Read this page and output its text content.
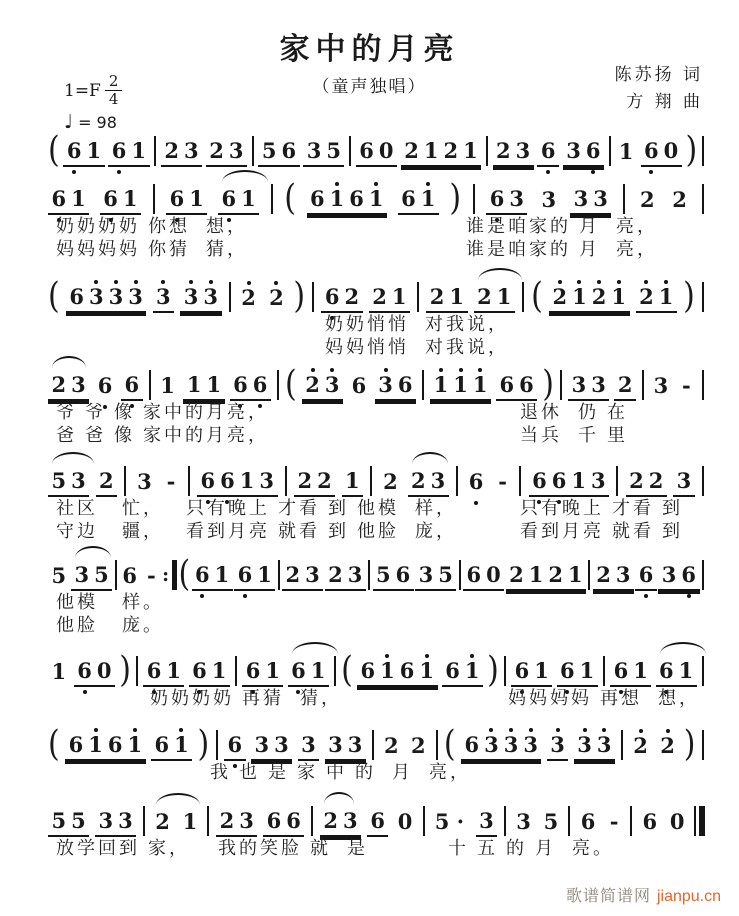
家中的月亮
（童声独唱）
陈苏扬 词
方 翔 曲
$1=F \frac{2}{4}$
♩ = 98
( 6 1 6 1 2 3 2 3 5 6 3 5 6 0 2 1 2 1 2 3 6 3 6 1 6 0 )
6 1 6 1 6 1 6 1 ( 6 1 6 1 6 1 ) 6 3 3 3 3 2 2
奶奶奶奶 你想  想，	谁是咱家的 月  亮，
妈妈妈妈 你猜  猜，	谁是咱家的 月  亮，
( 6 3 3 3 3 3 3 2 2 ) 6 2 2 1 2 1 2 1 ( 2 1 2 1 2 1 )
奶奶悄悄  对我说，
妈妈悄悄  对我说，
2 3 6 6 1 1 1 6 6 ( 2 3 6 3 6 1 1 1 6 6 ) 3 3 2 3 -
爷 爷 像 家中的月亮，	退休  仍 在
爸 爸 像 家中的月亮，	当兵  千 里
5 3 2 3 - 6 6 1 3 2 2 1 2 2 3 6 - 6 6 1 3 2 2 3
社区   忙， 只有晚上 才看 到 他模  样，	只有晚上 才看 到
守边   疆， 看到月亮 就看 到 他脸  庞，	看到月亮 就看 到
5 3 5 6 - : ( 6 1 6 1 2 3 2 3 5 6 3 5 6 0 2 1 2 1 2 3 6 3 6
他模   样。
他脸   庞。
1 6 0 ) 6 1 6 1 6 1 6 1 ( 6 1 6 1 6 1 ) 6 1 6 1 6 1 6 1
奶奶奶奶 再猜  猜，	妈妈妈妈 再想  想，
( 6 1 6 1 6 1 ) 6 3 3 3 3 3 2 2 ( 6 3 3 3 3 3 3 2 2 )
我 也 是 家 中 的  月  亮，
5 5 3 3 2 1 2 3 6 6 2 3 6 0 5 · 3 3 5 6 - 6 0
放学回到 家， 我的笑脸 就  是	十 五 的 月  亮。
歌谱简谱网 jianpu.cn
